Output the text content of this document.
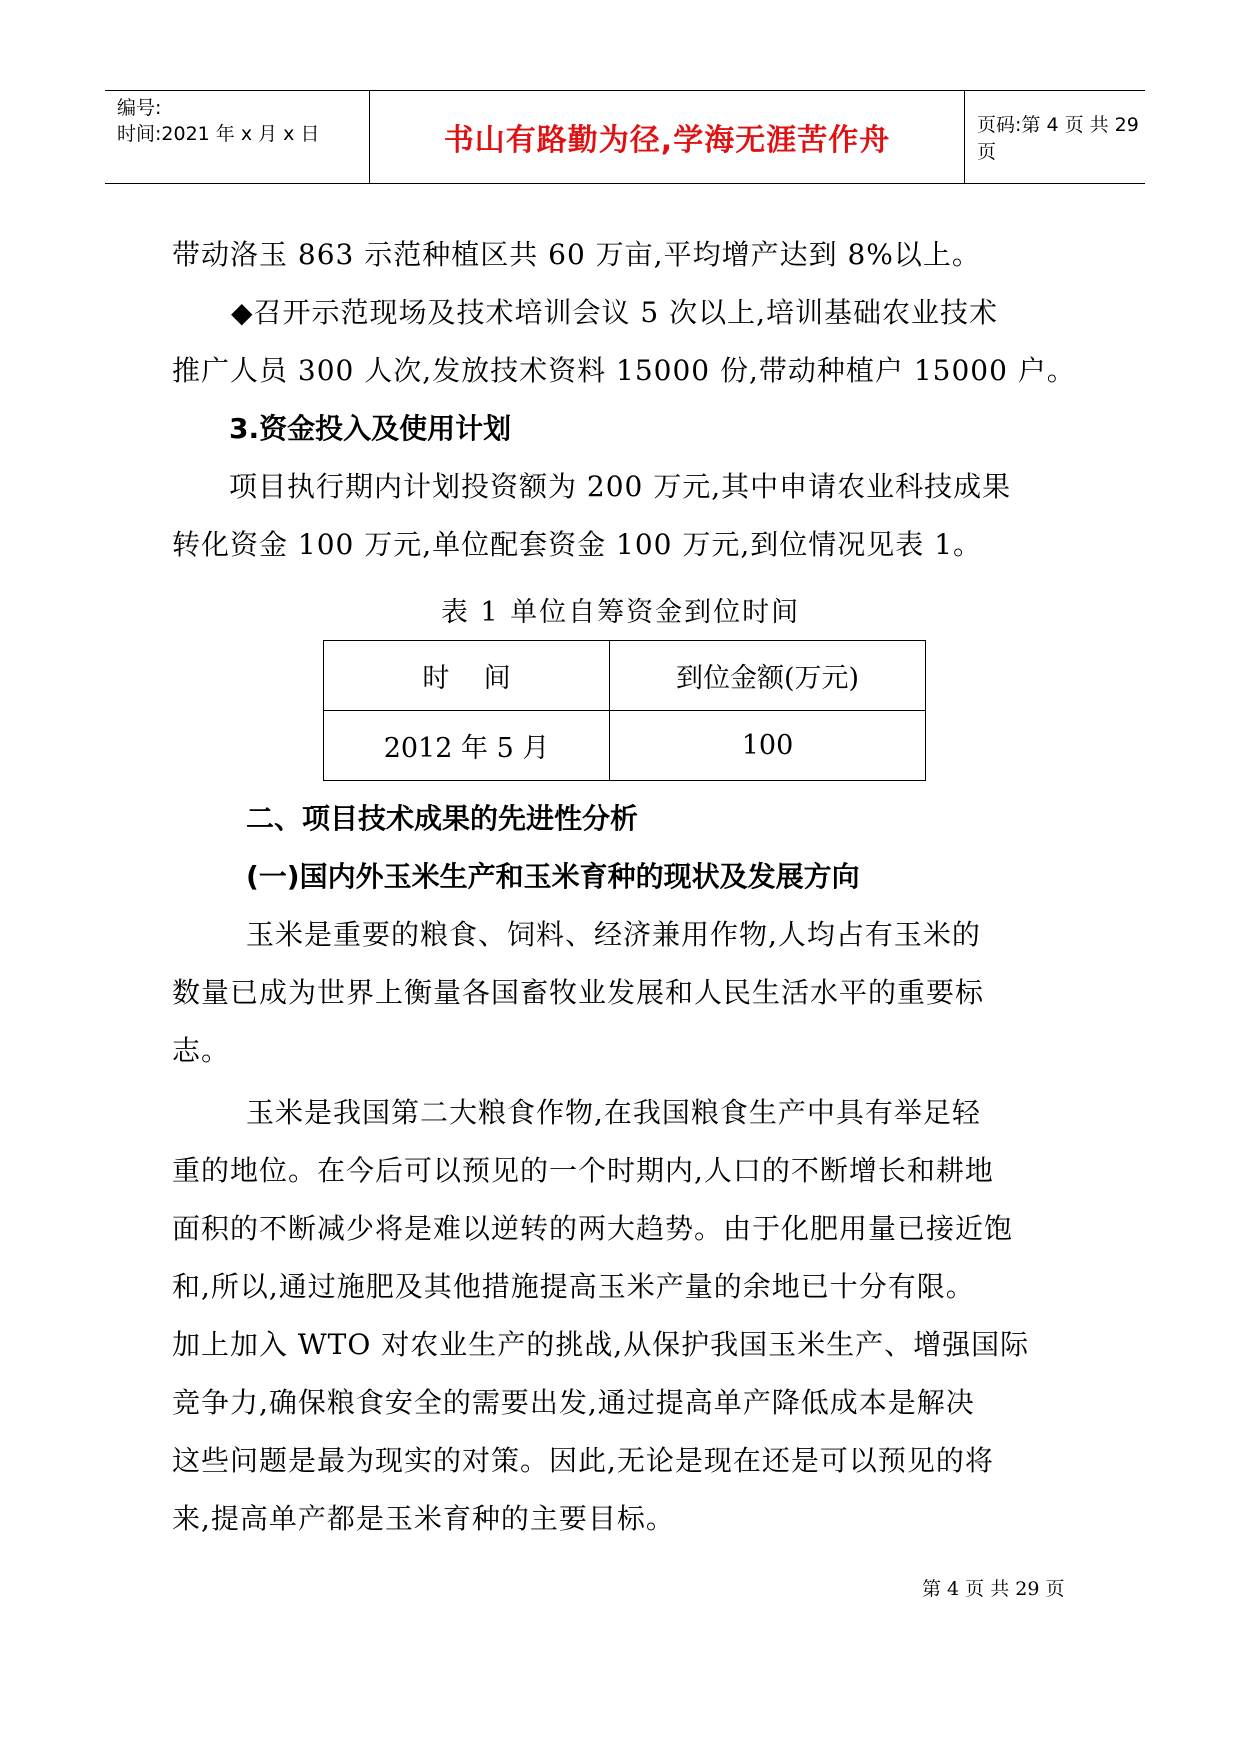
编号:
时间:2021 年 x 月 x 日	书山有路勤为径,学海无涯苦作舟	页码:第 4 页 共 29 页
带动洛玉 863 示范种植区共 60 万亩,平均增产达到 8%以上。
◆召开示范现场及技术培训会议 5 次以上,培训基础农业技术
推广人员 300 人次,发放技术资料 15000 份,带动种植户 15000 户。
3.资金投入及使用计划
项目执行期内计划投资额为 200 万元,其中申请农业科技成果
转化资金 100 万元,单位配套资金 100 万元,到位情况见表 1。
表 1 单位自筹资金到位时间
时    间	到位金额(万元)
2012 年 5 月	100
二、项目技术成果的先进性分析
(一)国内外玉米生产和玉米育种的现状及发展方向
玉米是重要的粮食、饲料、经济兼用作物,人均占有玉米的
数量已成为世界上衡量各国畜牧业发展和人民生活水平的重要标
志。
玉米是我国第二大粮食作物,在我国粮食生产中具有举足轻
重的地位。在今后可以预见的一个时期内,人口的不断增长和耕地
面积的不断减少将是难以逆转的两大趋势。由于化肥用量已接近饱
和,所以,通过施肥及其他措施提高玉米产量的余地已十分有限。
加上加入 WTO 对农业生产的挑战,从保护我国玉米生产、增强国际
竞争力,确保粮食安全的需要出发,通过提高单产降低成本是解决
这些问题是最为现实的对策。因此,无论是现在还是可以预见的将
来,提高单产都是玉米育种的主要目标。
第 4 页 共 29 页
